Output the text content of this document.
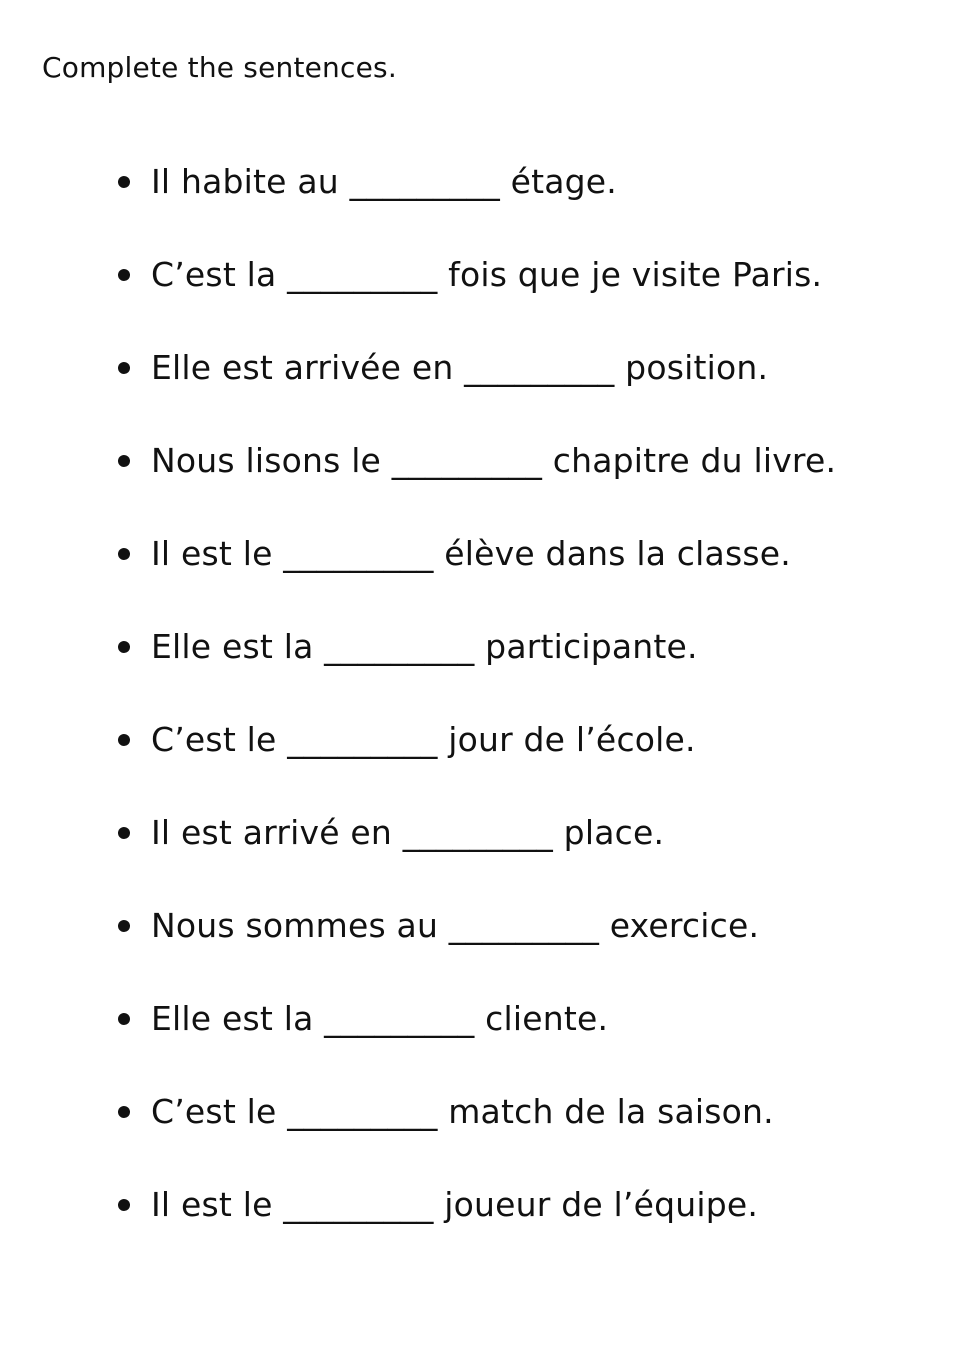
Complete the sentences.
Il habite au _________ étage.
C’est la _________ fois que je visite Paris.
Elle est arrivée en _________ position.
Nous lisons le _________ chapitre du livre.
Il est le _________ élève dans la classe.
Elle est la _________ participante.
C’est le _________ jour de l’école.
Il est arrivé en _________ place.
Nous sommes au _________ exercice.
Elle est la _________ cliente.
C’est le _________ match de la saison.
Il est le _________ joueur de l’équipe.
